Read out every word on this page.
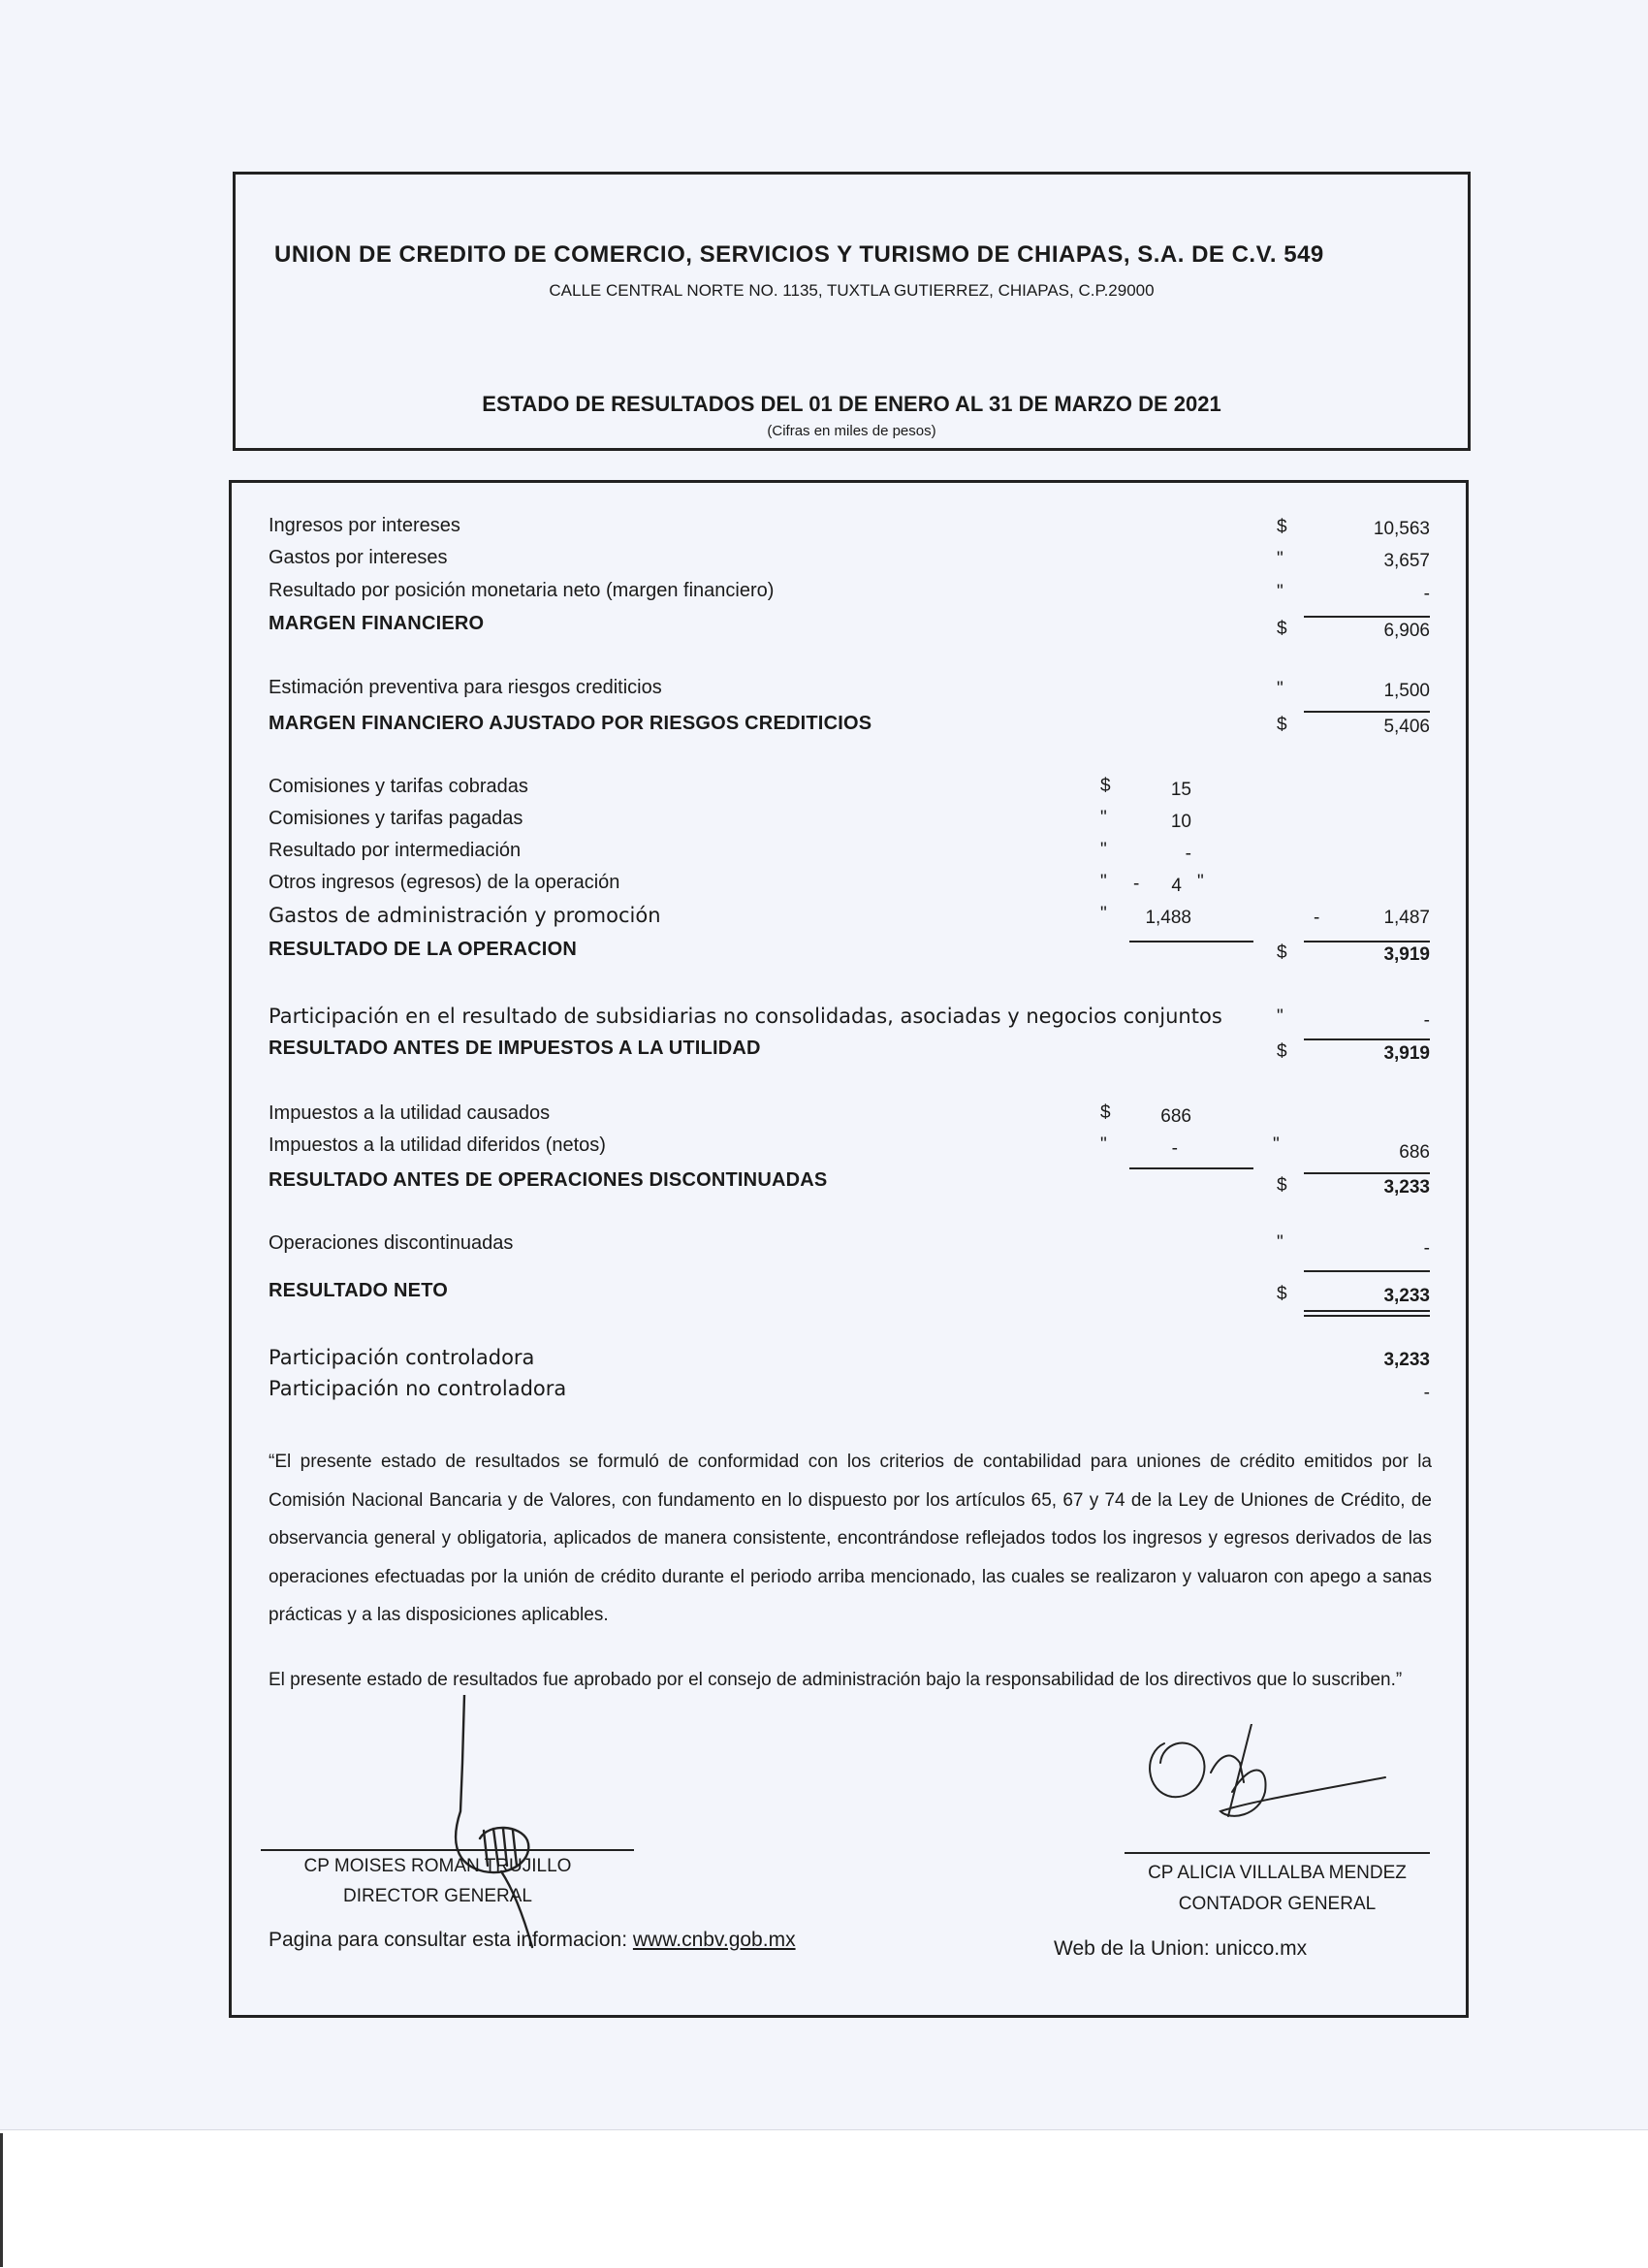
UNION DE CREDITO DE COMERCIO, SERVICIOS Y TURISMO DE CHIAPAS, S.A. DE C.V. 549
CALLE CENTRAL NORTE NO. 1135, TUXTLA GUTIERREZ, CHIAPAS, C.P.29000
ESTADO DE RESULTADOS DEL 01 DE ENERO AL 31 DE MARZO DE 2021
(Cifras en miles de pesos)
Ingresos por intereses	$	10,563
Gastos por intereses	"	3,657
Resultado por posición monetaria neto (margen financiero)	"	-
MARGEN FINANCIERO	$	6,906
Estimación preventiva para riesgos crediticios	"	1,500
MARGEN FINANCIERO AJUSTADO POR RIESGOS CREDITICIOS	$	5,406
Comisiones y tarifas cobradas	$	15
Comisiones y tarifas pagadas	"	10
Resultado por intermediación	"	-
Otros ingresos (egresos) de la operación	" -	4 "
Gastos de administración y promoción	"	1,488	-	1,487
RESULTADO DE LA OPERACION	$	3,919
Participación en el resultado de subsidiarias no consolidadas, asociadas y negocios conjuntos	"	-
RESULTADO ANTES DE IMPUESTOS A LA UTILIDAD	$	3,919
Impuestos a la utilidad causados	$	686
Impuestos a la utilidad diferidos (netos)	"	-	"	686
RESULTADO ANTES DE OPERACIONES DISCONTINUADAS	$	3,233
Operaciones discontinuadas	"	-
RESULTADO NETO	$	3,233
Participación controladora	3,233
Participación no controladora	-
“El presente estado de resultados se formuló de conformidad con los criterios de contabilidad para uniones de crédito emitidos por la Comisión Nacional Bancaria y de Valores, con fundamento en lo dispuesto por los artículos 65, 67 y 74 de la Ley de Uniones de Crédito, de observancia general y obligatoria, aplicados de manera consistente, encontrándose reflejados todos los ingresos y egresos derivados de las operaciones efectuadas por la unión de crédito durante el periodo arriba mencionado, las cuales se realizaron y valuaron con apego a sanas prácticas y a las disposiciones aplicables.
El presente estado de resultados fue aprobado por el consejo de administración bajo la responsabilidad de los directivos que lo suscriben.”
CP MOISES ROMAN TRUJILLO
DIRECTOR GENERAL
CP ALICIA VILLALBA MENDEZ
CONTADOR GENERAL
Pagina para consultar esta informacion: www.cnbv.gob.mx	Web de la Union: unicco.mx
